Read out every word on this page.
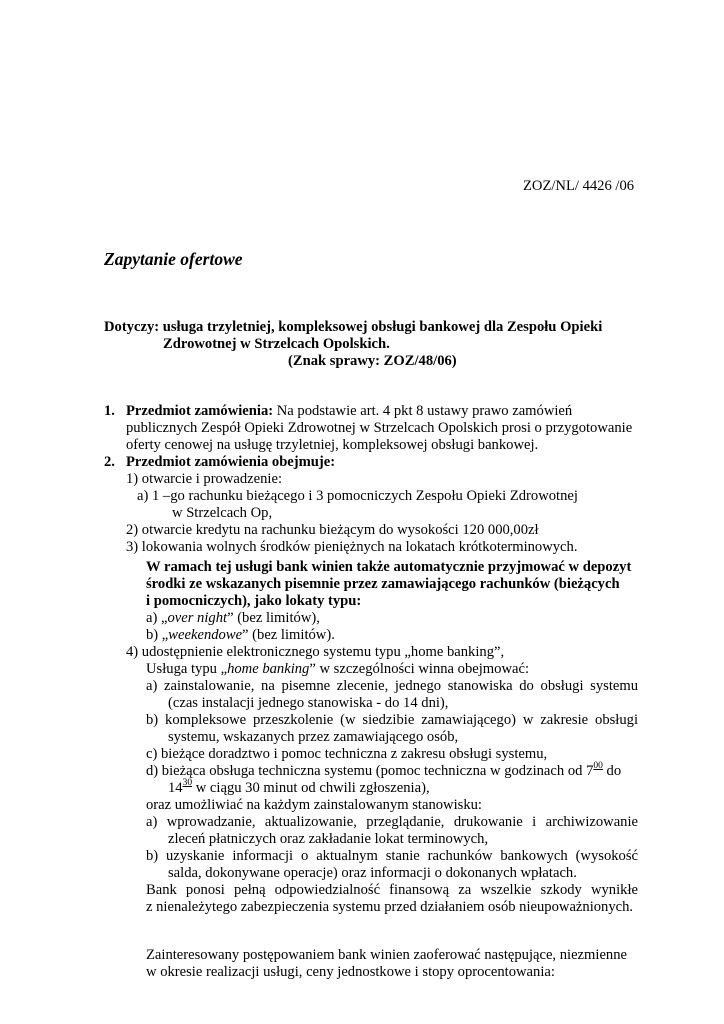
ZOZ/NL/ 4426 /06
Zapytanie ofertowe
Dotyczy: usługa trzyletniej, kompleksowej obsługi bankowej dla Zespołu Opieki
Zdrowotnej w Strzelcach Opolskich.
(Znak sprawy: ZOZ/48/06)
1. Przedmiot zamówienia: Na podstawie art. 4 pkt 8 ustawy prawo zamówień
publicznych Zespół Opieki Zdrowotnej w Strzelcach Opolskich prosi o przygotowanie
oferty cenowej na usługę trzyletniej, kompleksowej obsługi bankowej.
2. Przedmiot zamówienia obejmuje:
1) otwarcie i prowadzenie:
a) 1 –go rachunku bieżącego i 3 pomocniczych Zespołu Opieki Zdrowotnej
w Strzelcach Op,
2) otwarcie kredytu na rachunku bieżącym do wysokości 120 000,00zł
3) lokowania wolnych środków pieniężnych na lokatach krótkoterminowych.
W ramach tej usługi bank winien także automatycznie przyjmować w depozyt
środki ze wskazanych pisemnie przez zamawiającego rachunków (bieżących
i pomocniczych), jako lokaty typu:
a) „over night” (bez limitów),
b) „weekendowe” (bez limitów).
4) udostępnienie elektronicznego systemu typu „home banking”,
Usługa typu „home banking” w szczególności winna obejmować:
a) zainstalowanie, na pisemne zlecenie, jednego stanowiska do obsługi systemu
(czas instalacji jednego stanowiska - do 14 dni),
b) kompleksowe przeszkolenie (w siedzibie zamawiającego) w zakresie obsługi
systemu, wskazanych przez zamawiającego osób,
c) bieżące doradztwo i pomoc techniczna z zakresu obsługi systemu,
d) bieżąca obsługa techniczna systemu (pomoc techniczna w godzinach od $7^{00}$ do
$14^{30}$ w ciągu 30 minut od chwili zgłoszenia),
oraz umożliwiać na każdym zainstalowanym stanowisku:
a) wprowadzanie, aktualizowanie, przeglądanie, drukowanie i archiwizowanie
zleceń płatniczych oraz zakładanie lokat terminowych,
b) uzyskanie informacji o aktualnym stanie rachunków bankowych (wysokość
salda, dokonywane operacje) oraz informacji o dokonanych wpłatach.
Bank ponosi pełną odpowiedzialność finansową za wszelkie szkody wynikłe
z nienależytego zabezpieczenia systemu przed działaniem osób nieupoważnionych.
Zainteresowany postępowaniem bank winien zaoferować następujące, niezmienne
w okresie realizacji usługi, ceny jednostkowe i stopy oprocentowania:
